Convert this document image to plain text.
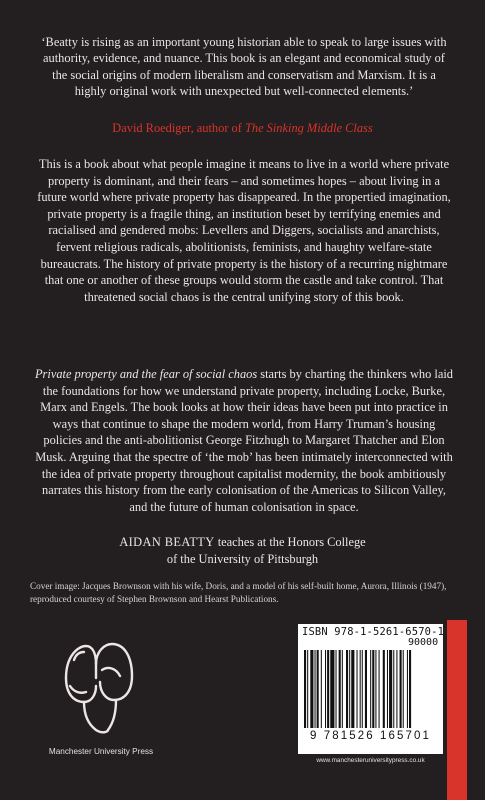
‘Beatty is rising as an important young historian able to speak to large issues with authority, evidence, and nuance. This book is an elegant and economical study of the social origins of modern liberalism and conservatism and Marxism. It is a highly original work with unexpected but well-connected elements.’
David Roediger, author of The Sinking Middle Class
This is a book about what people imagine it means to live in a world where private property is dominant, and their fears – and sometimes hopes – about living in a future world where private property has disappeared. In the propertied imagination, private property is a fragile thing, an institution beset by terrifying enemies and racialised and gendered mobs: Levellers and Diggers, socialists and anarchists, fervent religious radicals, abolitionists, feminists, and haughty welfare-state bureaucrats. The history of private property is the history of a recurring nightmare that one or another of these groups would storm the castle and take control. That threatened social chaos is the central unifying story of this book.
Private property and the fear of social chaos starts by charting the thinkers who laid the foundations for how we understand private property, including Locke, Burke, Marx and Engels. The book looks at how their ideas have been put into practice in ways that continue to shape the modern world, from Harry Truman’s housing policies and the anti-abolitionist George Fitzhugh to Margaret Thatcher and Elon Musk. Arguing that the spectre of ‘the mob’ has been intimately interconnected with the idea of private property throughout capitalist modernity, the book ambitiously narrates this history from the early colonisation of the Americas to Silicon Valley, and the future of human colonisation in space.
AIDAN BEATTY teaches at the Honors College
of the University of Pittsburgh
Cover image: Jacques Brownson with his wife, Doris, and a model of his self-built home, Aurora, Illinois (1947), reproduced courtesy of Stephen Brownson and Hearst Publications.
Manchester University Press
ISBN 978-1-5261-6570-1
90000
9 781526 165701
www.manchesteruniversitypress.co.uk
